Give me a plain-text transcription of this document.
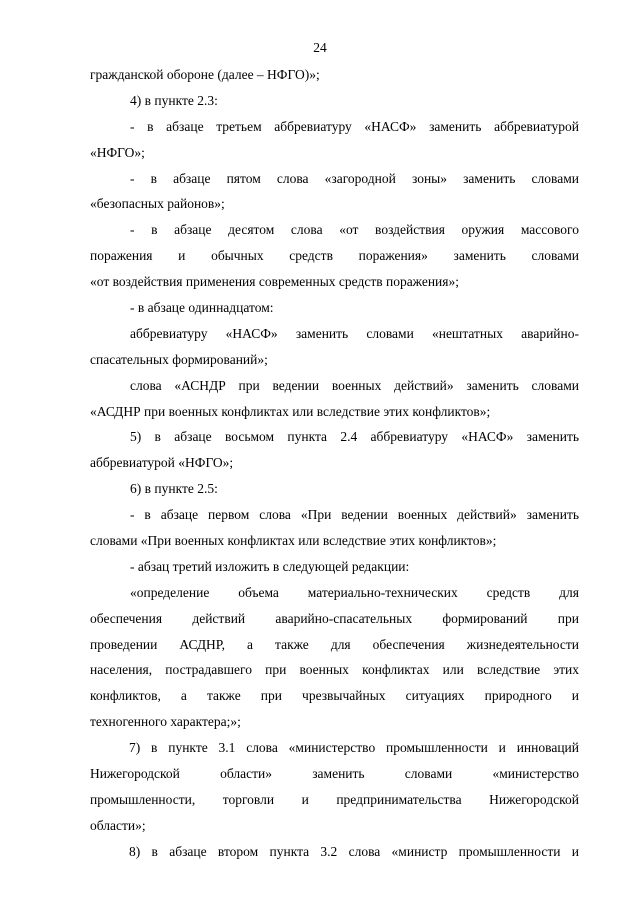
24
гражданской обороне (далее – НФГО)»;
4) в пункте 2.3:
- в абзаце третьем аббревиатуру «НАСФ» заменить аббревиатурой
«НФГО»;
- в абзаце пятом слова «загородной зоны» заменить словами
«безопасных районов»;
- в абзаце десятом слова «от воздействия оружия массового
поражения и обычных средств поражения» заменить словами
«от воздействия применения современных средств поражения»;
- в абзаце одиннадцатом:
аббревиатуру «НАСФ» заменить словами «нештатных аварийно-
спасательных формирований»;
слова «АСНДР при ведении военных действий» заменить словами
«АСДНР при военных конфликтах или вследствие этих конфликтов»;
5) в абзаце восьмом пункта 2.4 аббревиатуру «НАСФ» заменить
аббревиатурой «НФГО»;
6) в пункте 2.5:
- в абзаце первом слова «При ведении военных действий» заменить
словами «При военных конфликтах или вследствие этих конфликтов»;
- абзац третий изложить в следующей редакции:
«определение объема материально-технических средств для
обеспечения действий аварийно-спасательных формирований при
проведении АСДНР, а также для обеспечения жизнедеятельности
населения, пострадавшего при военных конфликтах или вследствие этих
конфликтов, а также при чрезвычайных ситуациях природного и
техногенного характера;»;
7) в пункте 3.1 слова «министерство промышленности и инноваций
Нижегородской области» заменить словами «министерство
промышленности, торговли и предпринимательства Нижегородской
области»;
8) в абзаце втором пункта 3.2 слова «министр промышленности и
